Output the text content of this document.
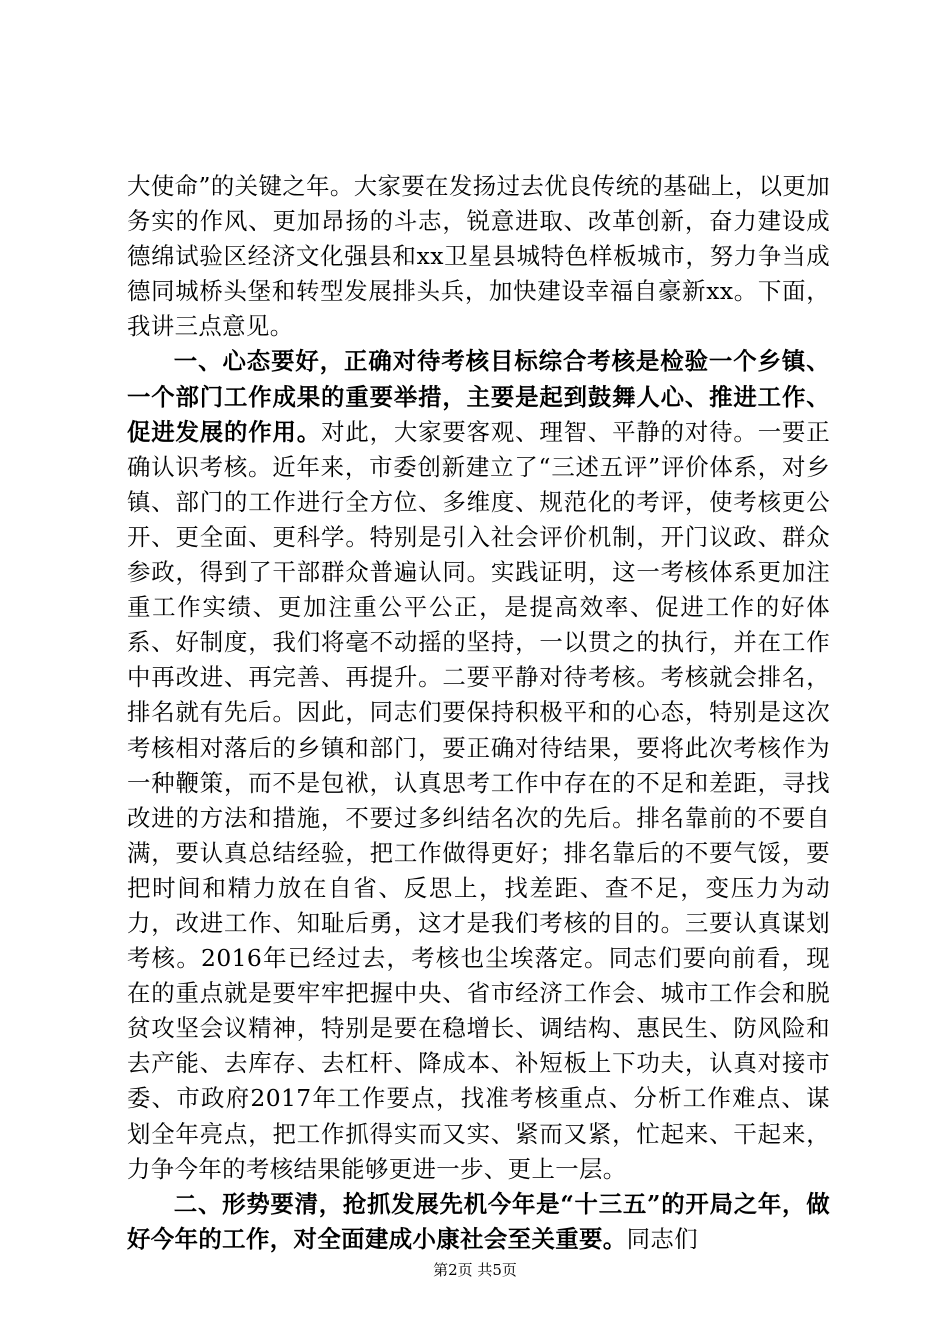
大使命”的关键之年。大家要在发扬过去优良传统的基础上，以更加务实的作风、更加昂扬的斗志，锐意进取、改革创新，奋力建设成德绵试验区经济文化强县和xx卫星县城特色样板城市，努力争当成德同城桥头堡和转型发展排头兵，加快建设幸福自豪新xx。下面，我讲三点意见。

一、心态要好，正确对待考核目标综合考核是检验一个乡镇、一个部门工作成果的重要举措，主要是起到鼓舞人心、推进工作、促进发展的作用。对此，大家要客观、理智、平静的对待。一要正确认识考核。近年来，市委创新建立了“三述五评”评价体系，对乡镇、部门的工作进行全方位、多维度、规范化的考评，使考核更公开、更全面、更科学。特别是引入社会评价机制，开门议政、群众参政，得到了干部群众普遍认同。实践证明，这一考核体系更加注重工作实绩、更加注重公平公正，是提高效率、促进工作的好体系、好制度，我们将毫不动摇的坚持，一以贯之的执行，并在工作中再改进、再完善、再提升。二要平静对待考核。考核就会排名，排名就有先后。因此，同志们要保持积极平和的心态，特别是这次考核相对落后的乡镇和部门，要正确对待结果，要将此次考核作为一种鞭策，而不是包袱，认真思考工作中存在的不足和差距，寻找改进的方法和措施，不要过多纠结名次的先后。排名靠前的不要自满，要认真总结经验，把工作做得更好；排名靠后的不要气馁，要把时间和精力放在自省、反思上，找差距、查不足，变压力为动力，改进工作、知耻后勇，这才是我们考核的目的。三要认真谋划考核。2016年已经过去，考核也尘埃落定。同志们要向前看，现在的重点就是要牢牢把握中央、省市经济工作会、城市工作会和脱贫攻坚会议精神，特别是要在稳增长、调结构、惠民生、防风险和去产能、去库存、去杠杆、降成本、补短板上下功夫，认真对接市委、市政府2017年工作要点，找准考核重点、分析工作难点、谋划全年亮点，把工作抓得实而又实、紧而又紧，忙起来、干起来，力争今年的考核结果能够更进一步、更上一层。

二、形势要清，抢抓发展先机今年是“十三五”的开局之年，做好今年的工作，对全面建成小康社会至关重要。同志们

第2页 共5页
